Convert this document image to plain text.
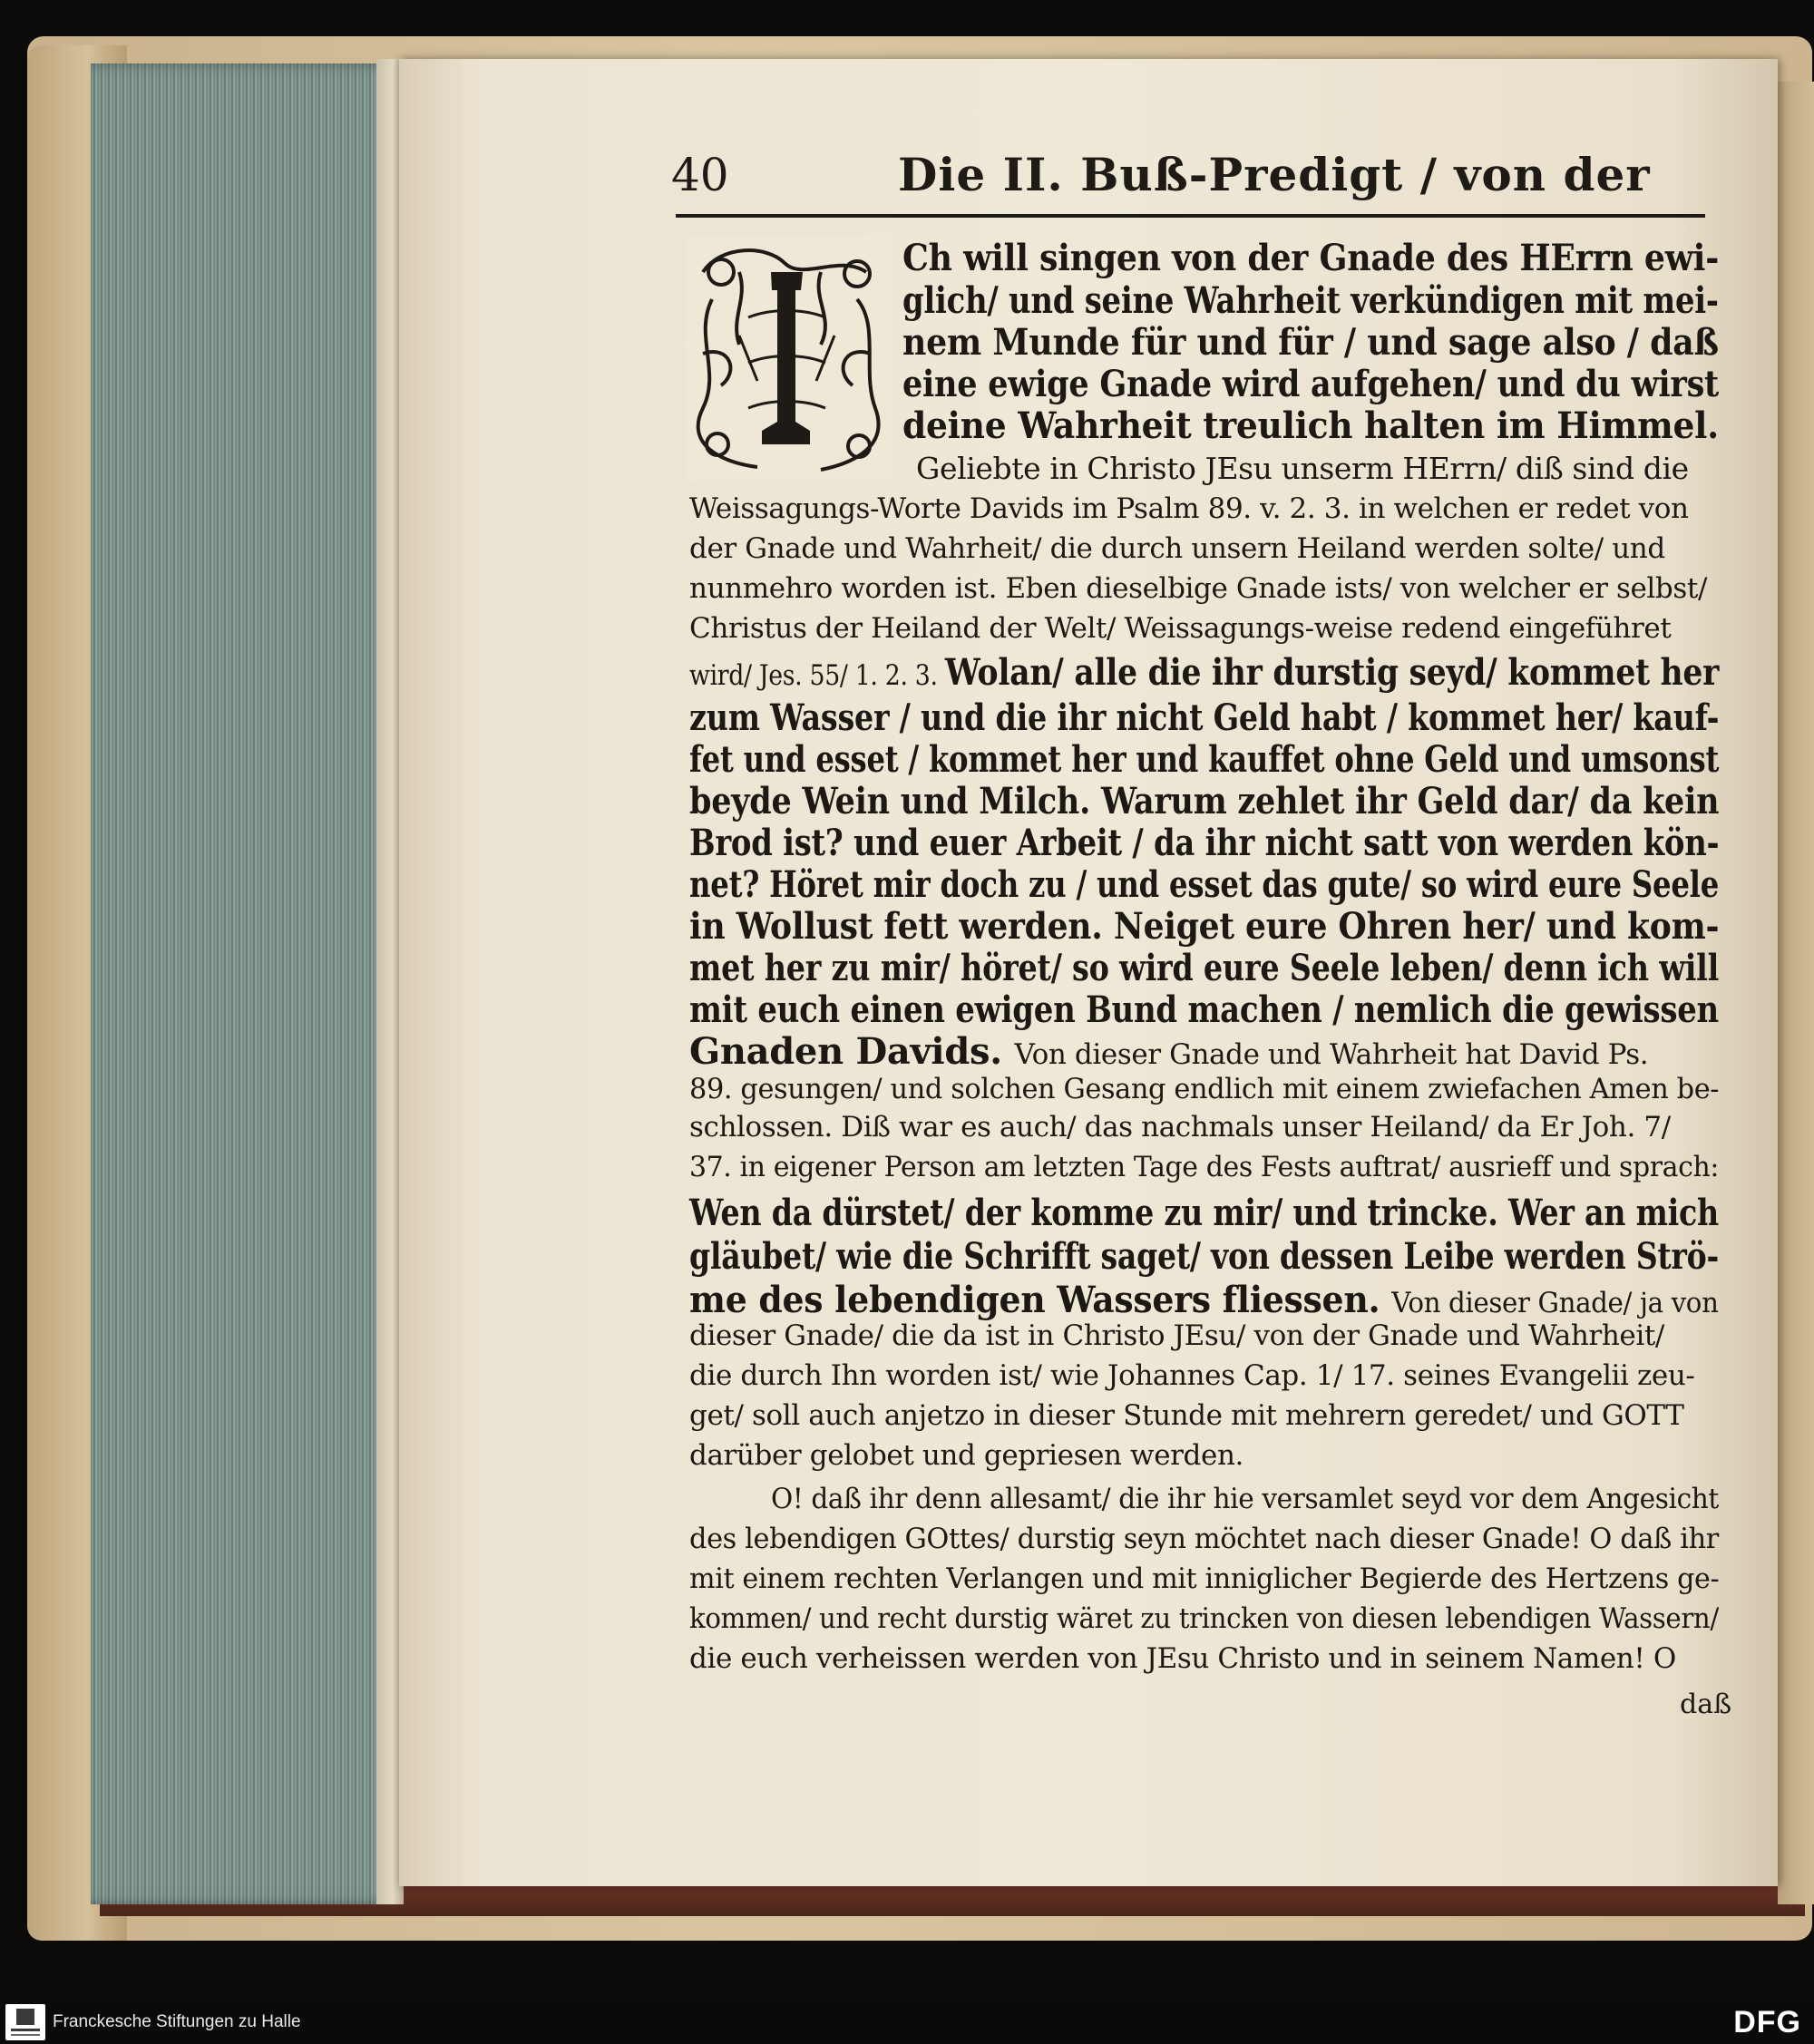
40	Die II. Buß-Predigt / von der
Ch will singen von der Gnade des HErrn ewi-
glich/ und seine Wahrheit verkündigen mit mei-
nem Munde für und für / und sage also / daß
eine ewige Gnade wird aufgehen/ und du wirst
deine Wahrheit treulich halten im Himmel.
Geliebte in Christo JEsu unserm HErrn/ diß sind die
Weissagungs-Worte Davids im Psalm 89. v. 2. 3. in welchen er redet von
der Gnade und Wahrheit/ die durch unsern Heiland werden solte/ und
nunmehro worden ist. Eben dieselbige Gnade ists/ von welcher er selbst/
Christus der Heiland der Welt/ Weissagungs-weise redend eingeführet
wird/ Jes. 55/ 1. 2. 3. Wolan/ alle die ihr durstig seyd/ kommet her
zum Wasser / und die ihr nicht Geld habt / kommet her/ kauf-
fet und esset / kommet her und kauffet ohne Geld und umsonst
beyde Wein und Milch. Warum zehlet ihr Geld dar/ da kein
Brod ist? und euer Arbeit / da ihr nicht satt von werden kön-
net? Höret mir doch zu / und esset das gute/ so wird eure Seele
in Wollust fett werden. Neiget eure Ohren her/ und kom-
met her zu mir/ höret/ so wird eure Seele leben/ denn ich will
mit euch einen ewigen Bund machen / nemlich die gewissen
Gnaden Davids. Von dieser Gnade und Wahrheit hat David Ps.
89. gesungen/ und solchen Gesang endlich mit einem zwiefachen Amen be-
schlossen. Diß war es auch/ das nachmals unser Heiland/ da Er Joh. 7/
37. in eigener Person am letzten Tage des Fests auftrat/ ausrieff und sprach:
Wen da dürstet/ der komme zu mir/ und trincke. Wer an mich
gläubet/ wie die Schrifft saget/ von dessen Leibe werden Strö-
me des lebendigen Wassers fliessen. Von dieser Gnade/ ja von
dieser Gnade/ die da ist in Christo JEsu/ von der Gnade und Wahrheit/
die durch Ihn worden ist/ wie Johannes Cap. 1/ 17. seines Evangelii zeu-
get/ soll auch anjetzo in dieser Stunde mit mehrern geredet/ und GOTT
darüber gelobet und gepriesen werden.
O! daß ihr denn allesamt/ die ihr hie versamlet seyd vor dem Angesicht
des lebendigen GOttes/ durstig seyn möchtet nach dieser Gnade! O daß ihr
mit einem rechten Verlangen und mit inniglicher Begierde des Hertzens ge-
kommen/ und recht durstig wäret zu trincken von diesen lebendigen Wassern/
die euch verheissen werden von JEsu Christo und in seinem Namen! O
daß
Franckesche Stiftungen zu Halle	DFG
